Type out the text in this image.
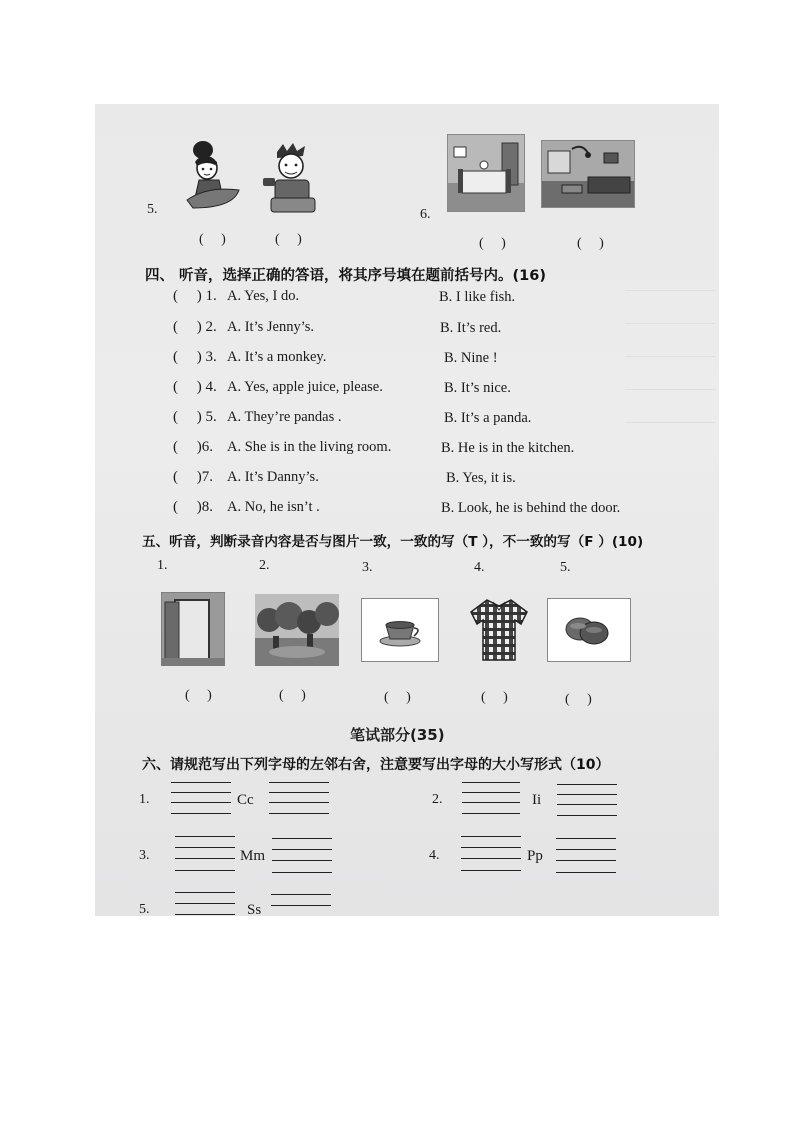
5.
(     )	(     )
6.
(     )	(     )
四、 听音，选择正确的答语，将其序号填在题前括号内。(16)
(     ) 1. A. Yes, I do.	B. I like fish.
(     ) 2. A. It’s Jenny’s.	B. It’s red.
(     ) 3. A. It’s a monkey.	B. Nine !
(     ) 4. A. Yes, apple juice, please.	B. It’s nice.
(     ) 5. A. They’re pandas .	B. It’s a panda.
(     )6. A. She is in the living room.	B. He is in the kitchen.
(     )7. A. It’s Danny’s.	B. Yes, it is.
(     )8. A. No, he isn’t .	B. Look, he is behind the door.
五、听音，判断录音内容是否与图片一致，一致的写（T ），不一致的写（F ）(10)
1.	2.	3.	4.	5.
(     )	(     )	(     )	(     )	(     )
笔试部分(35)
六、请规范写出下列字母的左邻右舍，注意要写出字母的大小写形式（10）
1.	Cc	2.	Ii
3.	Mm	4.	Pp
5.	Ss
